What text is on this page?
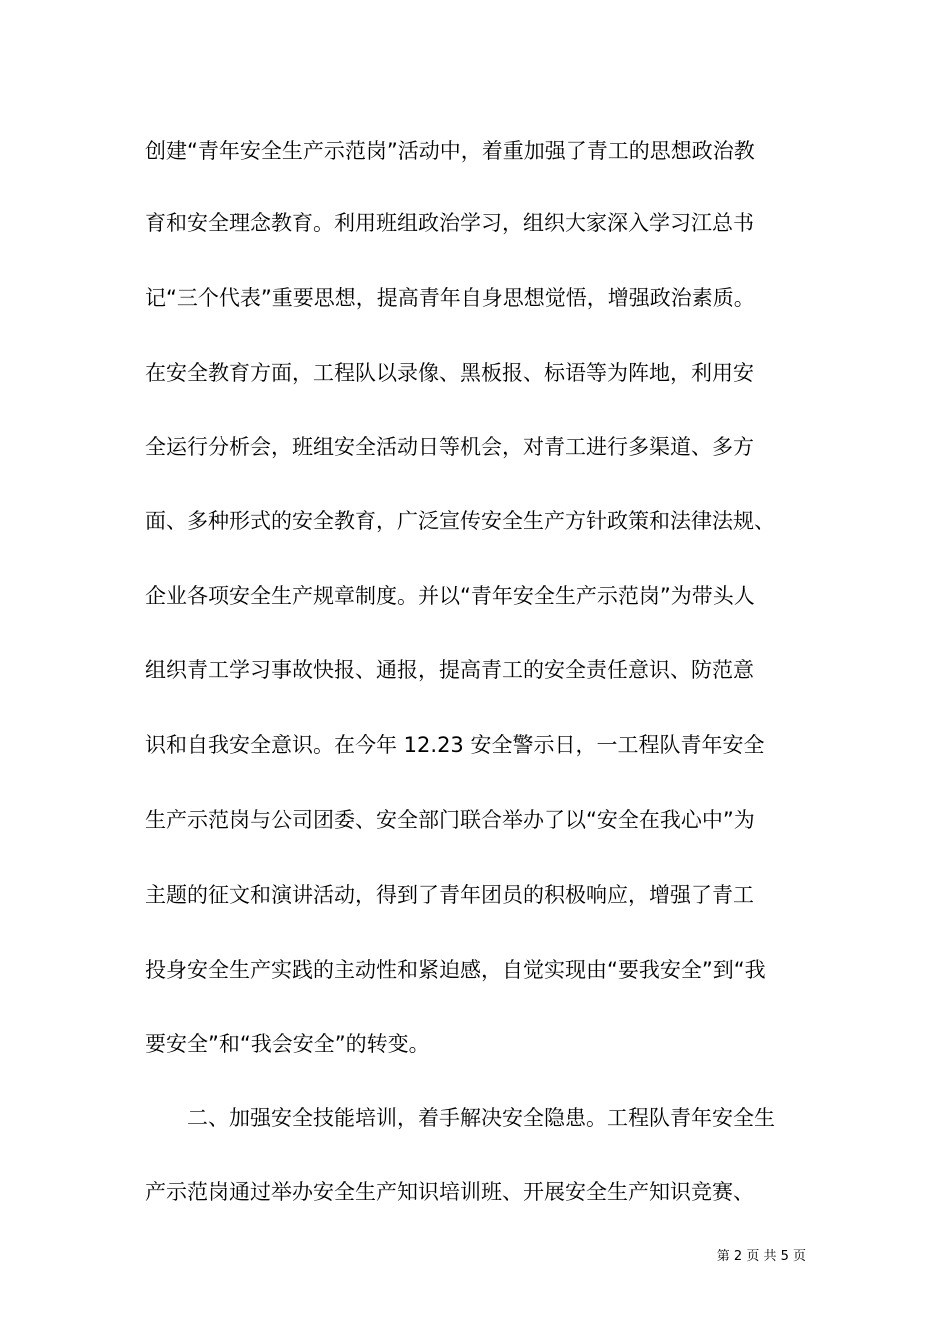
创建“青年安全生产示范岗”活动中，着重加强了青工的思想政治教

育和安全理念教育。利用班组政治学习，组织大家深入学习江总书

记“三个代表”重要思想，提高青年自身思想觉悟，增强政治素质。

在安全教育方面，工程队以录像、黑板报、标语等为阵地，利用安

全运行分析会，班组安全活动日等机会，对青工进行多渠道、多方

面、多种形式的安全教育，广泛宣传安全生产方针政策和法律法规、

企业各项安全生产规章制度。并以“青年安全生产示范岗”为带头人

组织青工学习事故快报、通报，提高青工的安全责任意识、防范意

识和自我安全意识。在今年 12.23 安全警示日，一工程队青年安全

生产示范岗与公司团委、安全部门联合举办了以“安全在我心中”为

主题的征文和演讲活动，得到了青年团员的积极响应，增强了青工

投身安全生产实践的主动性和紧迫感，自觉实现由“要我安全”到“我

要安全”和“我会安全”的转变。

　　二、加强安全技能培训，着手解决安全隐患。工程队青年安全生

产示范岗通过举办安全生产知识培训班、开展安全生产知识竞赛、

第 2 页 共 5 页
